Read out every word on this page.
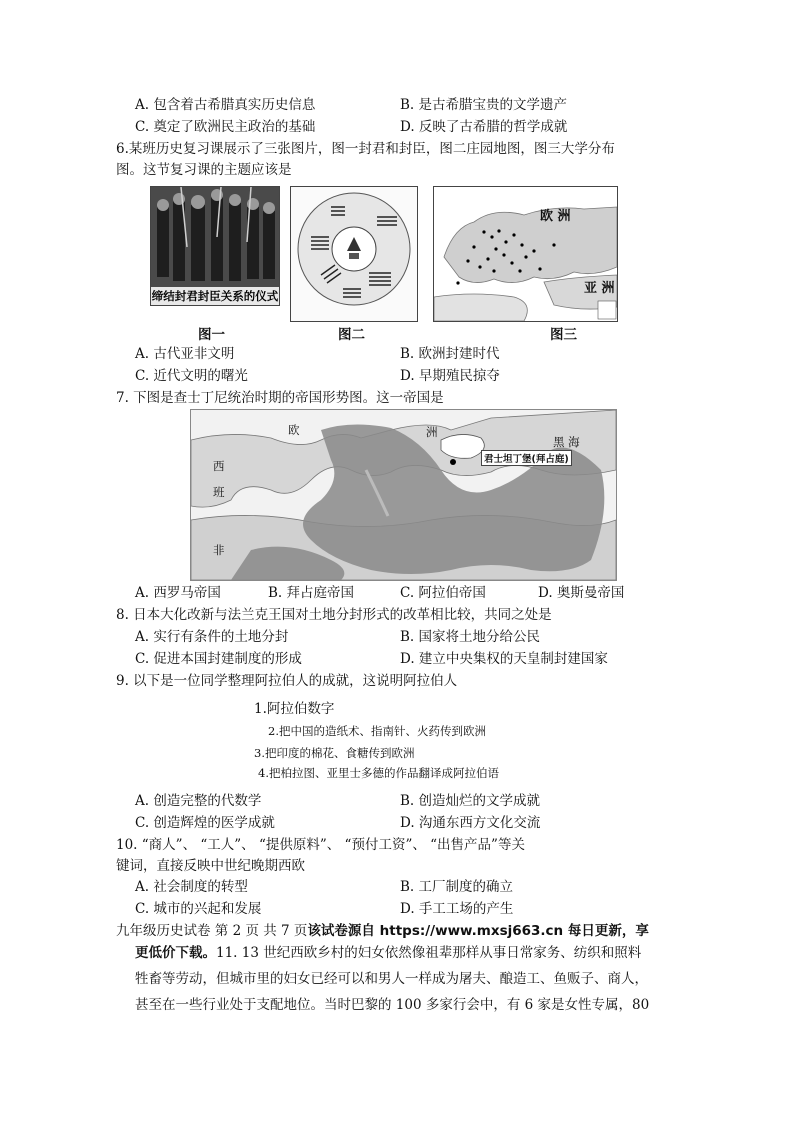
A. 包含着古希腊真实历史信息	B. 是古希腊宝贵的文学遗产
C. 奠定了欧洲民主政治的基础	D. 反映了古希腊的哲学成就
6.某班历史复习课展示了三张图片，图一封君和封臣，图二庄园地图，图三大学分布
图。这节复习课的主题应该是
缔结封君封臣关系的仪式
欧 洲
亚 洲
图一	图二	图三
A. 古代亚非文明	B. 欧洲封建时代
C. 近代文明的曙光	D. 早期殖民掠夺
7. 下图是查士丁尼统治时期的帝国形势图。这一帝国是
欧	洲
西
班
非
君士坦丁堡(拜占庭)
黑 海
A. 西罗马帝国	B. 拜占庭帝国	C. 阿拉伯帝国	D. 奥斯曼帝国
8. 日本大化改新与法兰克王国对土地分封形式的改革相比较，共同之处是
A. 实行有条件的土地分封	B. 国家将土地分给公民
C. 促进本国封建制度的形成	D. 建立中央集权的天皇制封建国家
9. 以下是一位同学整理阿拉伯人的成就，这说明阿拉伯人
1.阿拉伯数字
2.把中国的造纸术、指南针、火药传到欧洲
3.把印度的棉花、食糖传到欧洲
4.把柏拉图、亚里士多德的作品翻译成阿拉伯语
A. 创造完整的代数学	B. 创造灿烂的文学成就
C. 创造辉煌的医学成就	D. 沟通东西方文化交流
10. “商人”、 “工人”、 “提供原料”、 “预付工资”、 “出售产品”等关
键词，直接反映中世纪晚期西欧
A. 社会制度的转型	B. 工厂制度的确立
C. 城市的兴起和发展	D. 手工工场的产生
九年级历史试卷 第 2 页 共 7 页该试卷源自 https://www.mxsj663.cn 每日更新，享
更低价下载。11. 13 世纪西欧乡村的妇女依然像祖辈那样从事日常家务、纺织和照料
牲畜等劳动，但城市里的妇女已经可以和男人一样成为屠夫、酿造工、鱼贩子、商人，
甚至在一些行业处于支配地位。当时巴黎的 100 多家行会中，有 6 家是女性专属，80
